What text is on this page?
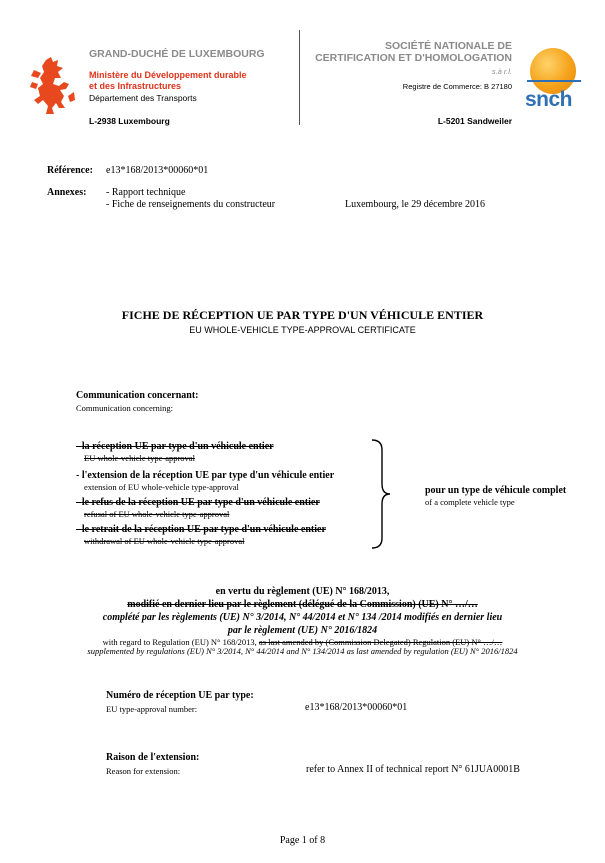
GRAND-DUCHÉ DE LUXEMBOURG
Ministère du Développement durable
et des Infrastructures
Département des Transports
L-2938 Luxembourg
SOCIÉTÉ NATIONALE DE
CERTIFICATION ET D'HOMOLOGATION
s.à r.l.
Registre de Commerce: B 27180
L-5201 Sandweiler
snch
Référence: e13*168/2013*00060*01
Annexes: - Rapport technique
- Fiche de renseignements du constructeur	Luxembourg, le 29 décembre 2016
FICHE DE RÉCEPTION UE PAR TYPE D'UN VÉHICULE ENTIER
EU WHOLE-VEHICLE TYPE-APPROVAL CERTIFICATE
Communication concernant:
Communication concerning:
- la réception UE par type d'un véhicule entier
EU whole-vehicle type-approval
- l'extension de la réception UE par type d'un véhicule entier
extension of EU whole-vehicle type-approval
- le refus de la réception UE par type d'un véhicule entier
refusal of EU whole-vehicle type-approval
- le retrait de la réception UE par type d'un véhicule entier
withdrawal of EU whole-vehicle type-approval
pour un type de véhicule complet
of a complete vehicle type
en vertu du règlement (UE) N° 168/2013,
modifié en dernier lieu par le règlement (délégué de la Commission) (UE) N° …/…
complété par les règlements (UE) N° 3/2014, N° 44/2014 et N° 134 /2014 modifiés en dernier lieu
par le règlement (UE) N° 2016/1824
with regard to Regulation (EU) N° 168/2013, as last amended by (Commission Delegated) Regulation (EU) N° …/…
supplemented by regulations (EU) N° 3/2014, N° 44/2014 and N° 134/2014 as last amended by regulation (EU) N° 2016/1824
Numéro de réception UE par type:
EU type-approval number:	e13*168/2013*00060*01
Raison de l'extension:
Reason for extension:	refer to Annex II of technical report N° 61JUA0001B
Page 1 of 8
